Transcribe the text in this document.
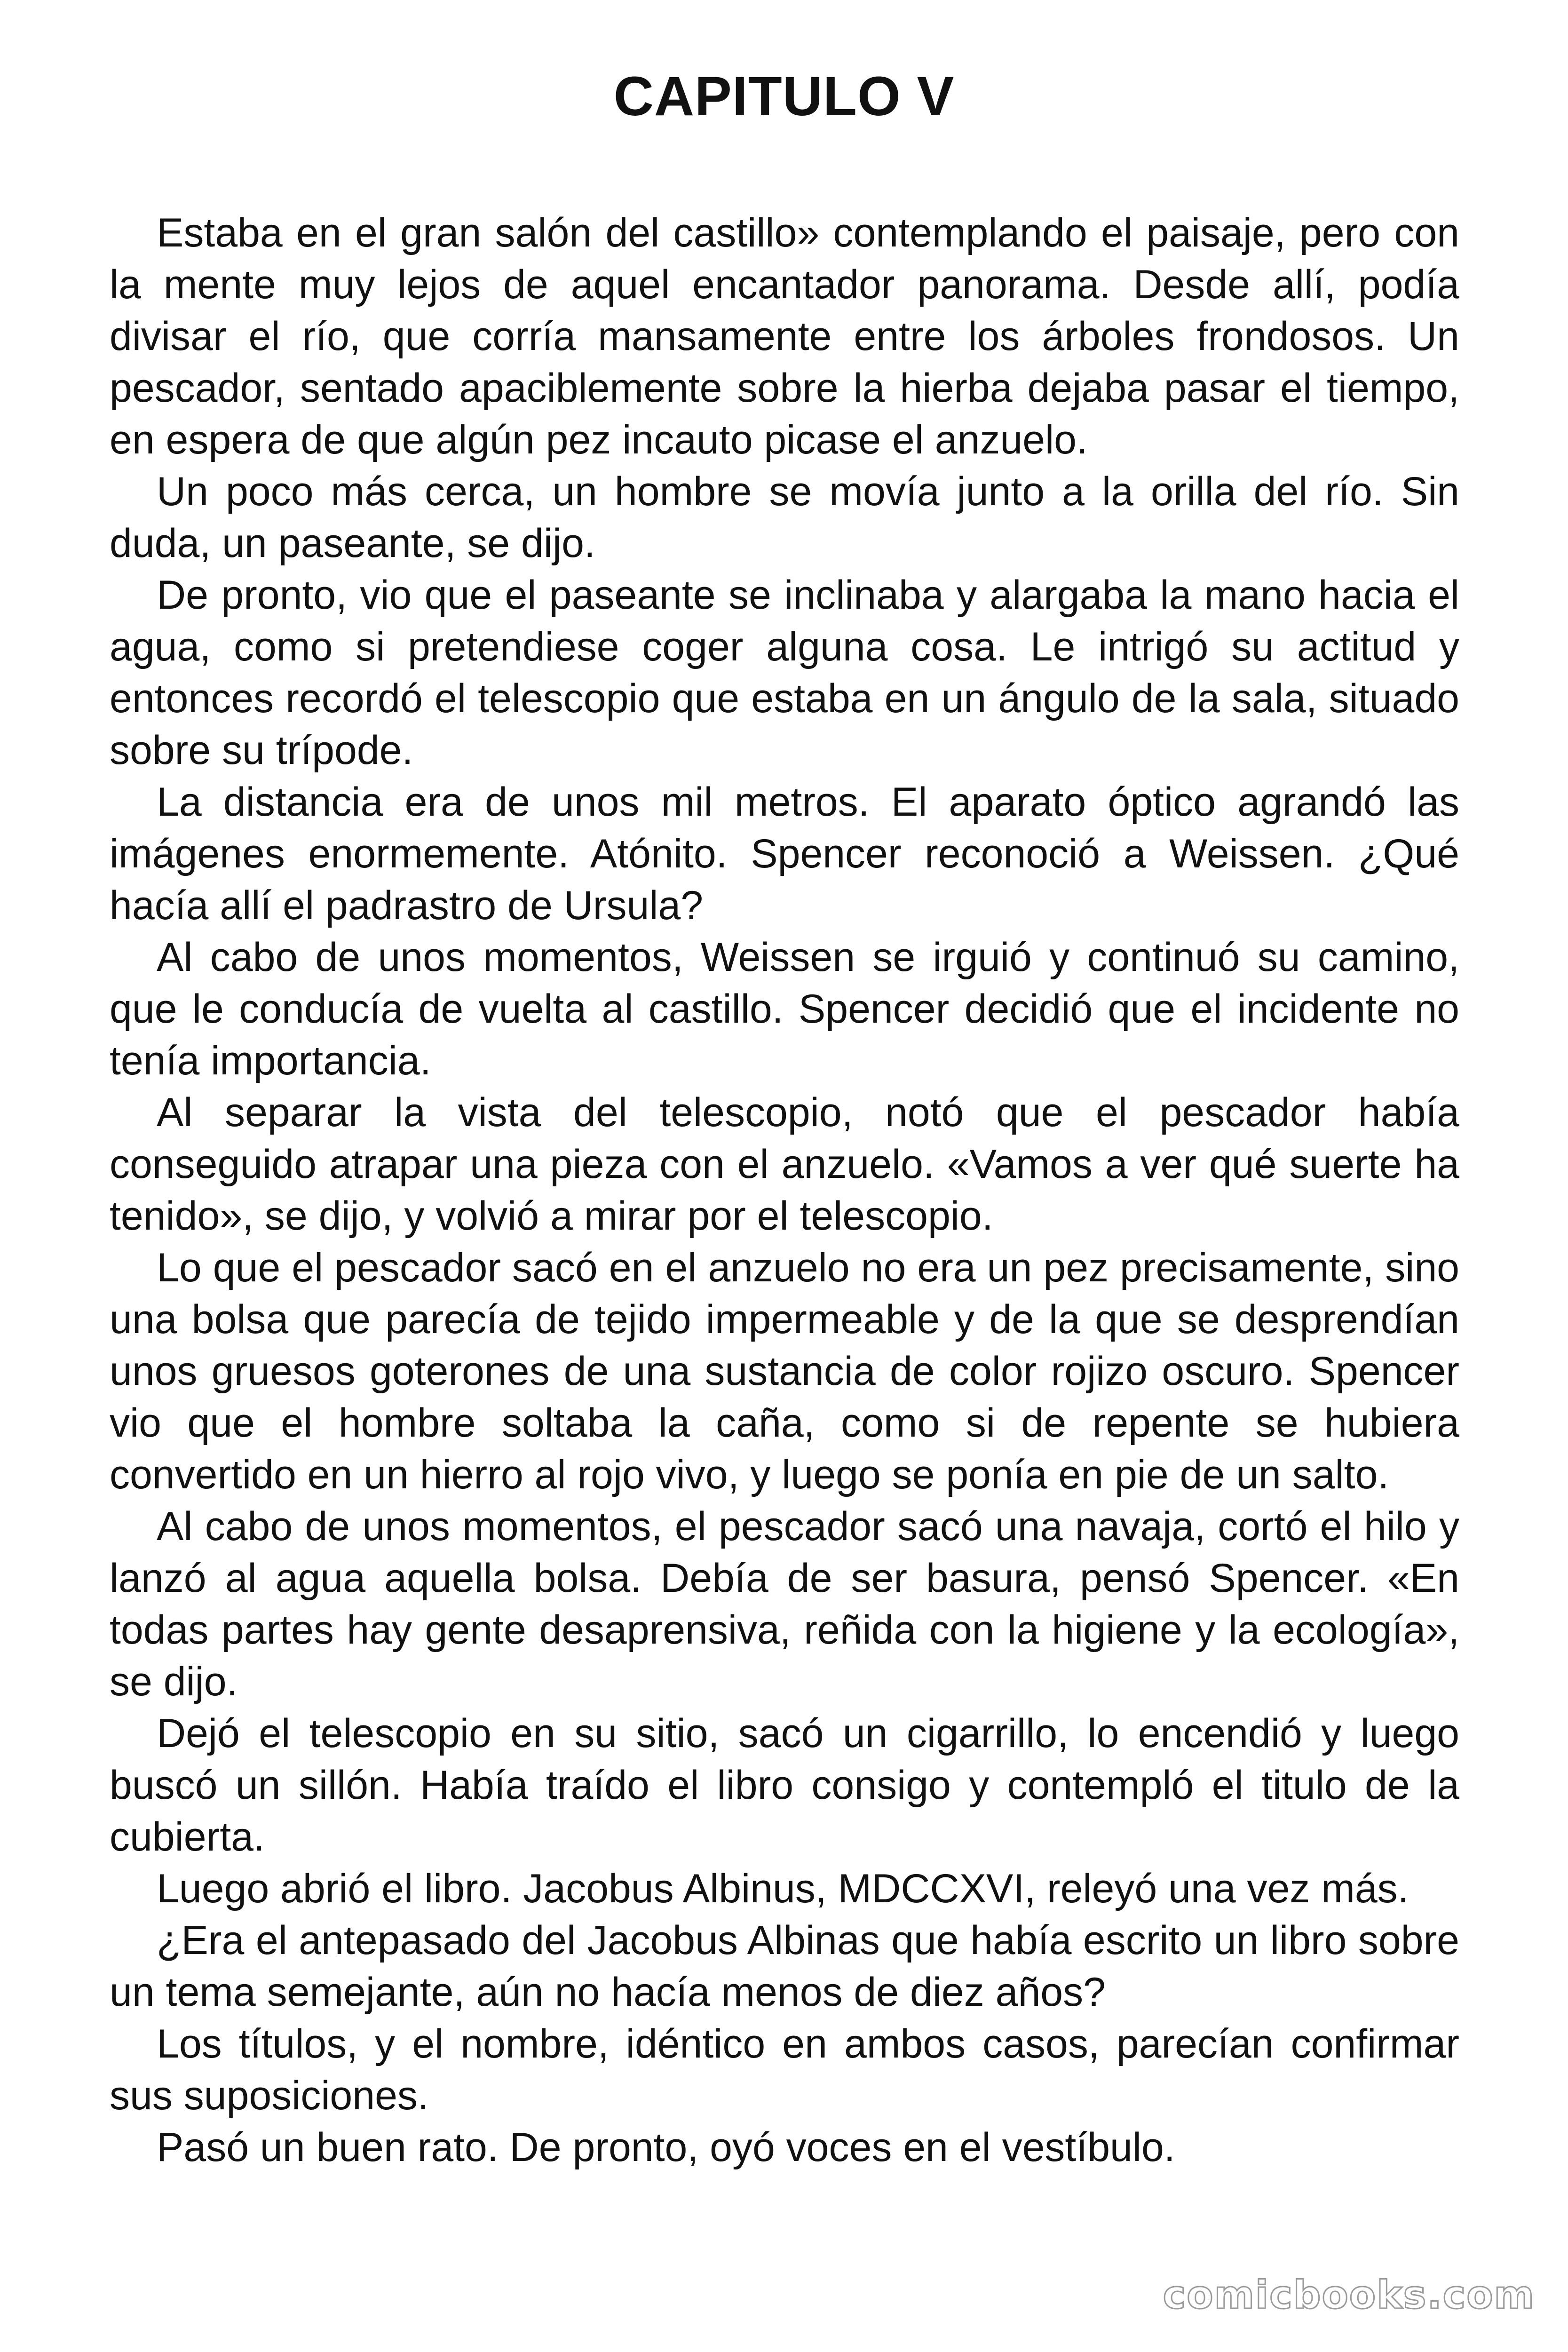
CAPITULO V

Estaba en el gran salón del castillo» contemplando el paisaje, pero con la mente muy lejos de aquel encantador panorama. Desde allí, podía divisar el río, que corría mansamente entre los árboles frondosos. Un pescador, sentado apaciblemente sobre la hierba dejaba pasar el tiempo, en espera de que algún pez incauto picase el anzuelo.

Un poco más cerca, un hombre se movía junto a la orilla del río. Sin duda, un paseante, se dijo.

De pronto, vio que el paseante se inclinaba y alargaba la mano hacia el agua, como si pretendiese coger alguna cosa. Le intrigó su actitud y entonces recordó el telescopio que estaba en un ángulo de la sala, situado sobre su trípode.

La distancia era de unos mil metros. El aparato óptico agrandó las imágenes enormemente. Atónito. Spencer reconoció a Weissen. ¿Qué hacía allí el padrastro de Ursula?

Al cabo de unos momentos, Weissen se irguió y continuó su camino, que le conducía de vuelta al castillo. Spencer decidió que el incidente no tenía importancia.

Al separar la vista del telescopio, notó que el pescador había conseguido atrapar una pieza con el anzuelo. «Vamos a ver qué suerte ha tenido», se dijo, y volvió a mirar por el telescopio.

Lo que el pescador sacó en el anzuelo no era un pez precisamente, sino una bolsa que parecía de tejido impermeable y de la que se desprendían unos gruesos goterones de una sustancia de color rojizo oscuro. Spencer vio que el hombre soltaba la caña, como si de repente se hubiera convertido en un hierro al rojo vivo, y luego se ponía en pie de un salto.

Al cabo de unos momentos, el pescador sacó una navaja, cortó el hilo y lanzó al agua aquella bolsa. Debía de ser basura, pensó Spencer. «En todas partes hay gente desaprensiva, reñida con la higiene y la ecología», se dijo.

Dejó el telescopio en su sitio, sacó un cigarrillo, lo encendió y luego buscó un sillón. Había traído el libro consigo y contempló el titulo de la cubierta.

Luego abrió el libro. Jacobus Albinus, MDCCXVI, releyó una vez más.

¿Era el antepasado del Jacobus Albinas que había escrito un libro sobre un tema semejante, aún no hacía menos de diez años?

Los títulos, y el nombre, idéntico en ambos casos, parecían confirmar sus suposiciones.

Pasó un buen rato. De pronto, oyó voces en el vestíbulo.

comicbooks.com
